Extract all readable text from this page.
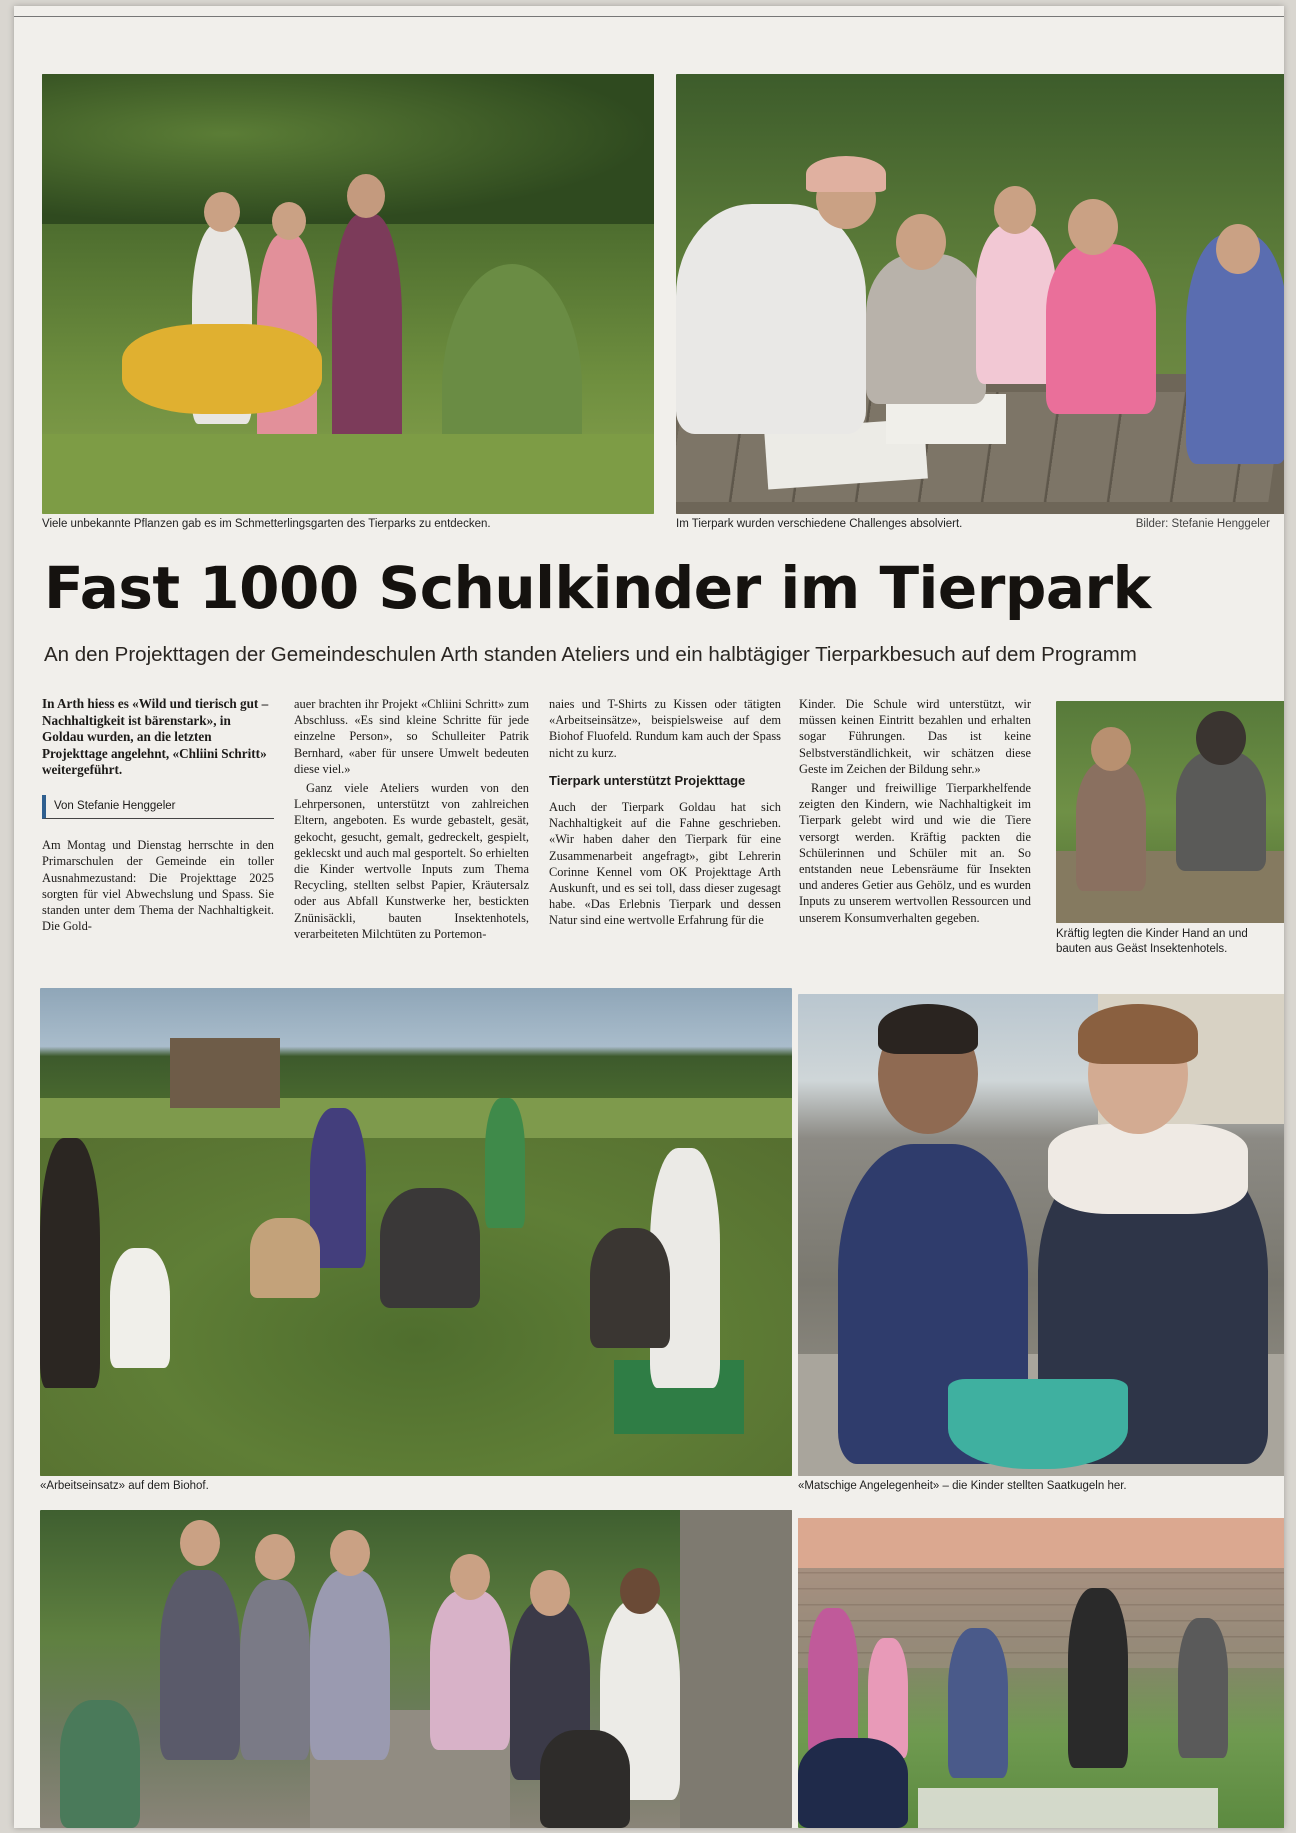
Viele unbekannte Pflanzen gab es im Schmetterlingsgarten des Tierparks zu entdecken.	Im Tierpark wurden verschiedene Challenges absolviert.	Bilder: Stefanie Henggeler
Fast 1000 Schulkinder im Tierpark
An den Projekttagen der Gemeindeschulen Arth standen Ateliers und ein halbtägiger Tierparkbesuch auf dem Programm

In Arth hiess es «Wild und tierisch gut – Nachhaltigkeit ist bärenstark», in Goldau wurden, an die letzten Projekttage angelehnt, «Chliini Schritt» weitergeführt.

Von Stefanie Henggeler

Am Montag und Dienstag herrschte in den Primarschulen der Gemeinde ein toller Ausnahmezustand: Die Projekttage 2025 sorgten für viel Abwechslung und Spass. Sie standen unter dem Thema der Nachhaltigkeit. Die Gold-

auer brachten ihr Projekt «Chliini Schritt» zum Abschluss. «Es sind kleine Schritte für jede einzelne Person», so Schulleiter Patrik Bernhard, «aber für unsere Umwelt bedeuten diese viel.»

Ganz viele Ateliers wurden von den Lehrpersonen, unterstützt von zahlreichen Eltern, angeboten. Es wurde gebastelt, gesät, gekocht, gesucht, gemalt, gedreckelt, gespielt, geklecskt und auch mal gesportelt. So erhielten die Kinder wertvolle Inputs zum Thema Recycling, stellten selbst Papier, Kräutersalz oder aus Abfall Kunstwerke her, bestickten Znünisäckli, bauten Insektenhotels, verarbeiteten Milchtüten zu Portemon-

naies und T-Shirts zu Kissen oder tätigten «Arbeitseinsätze», beispielsweise auf dem Biohof Fluofeld. Rundum kam auch der Spass nicht zu kurz.

Tierpark unterstützt Projekttage

Auch der Tierpark Goldau hat sich Nachhaltigkeit auf die Fahne geschrieben. «Wir haben daher den Tierpark für eine Zusammenarbeit angefragt», gibt Lehrerin Corinne Kennel vom OK Projekttage Arth Auskunft, und es sei toll, dass dieser zugesagt habe. «Das Erlebnis Tierpark und dessen Natur sind eine wertvolle Erfahrung für die

Kinder. Die Schule wird unterstützt, wir müssen keinen Eintritt bezahlen und erhalten sogar Führungen. Das ist keine Selbstverständlichkeit, wir schätzen diese Geste im Zeichen der Bildung sehr.»

Ranger und freiwillige Tierparkhelfende zeigten den Kindern, wie Nachhaltigkeit im Tierpark gelebt wird und wie die Tiere versorgt werden. Kräftig packten die Schülerinnen und Schüler mit an. So entstanden neue Lebensräume für Insekten und anderes Getier aus Gehölz, und es wurden Inputs zu unserem wertvollen Ressourcen und unserem Konsumverhalten gegeben.

Kräftig legten die Kinder Hand an und
bauten aus Geäst Insektenhotels.
«Arbeitseinsatz» auf dem Biohof.	«Matschige Angelegenheit» – die Kinder stellten Saatkugeln her.
